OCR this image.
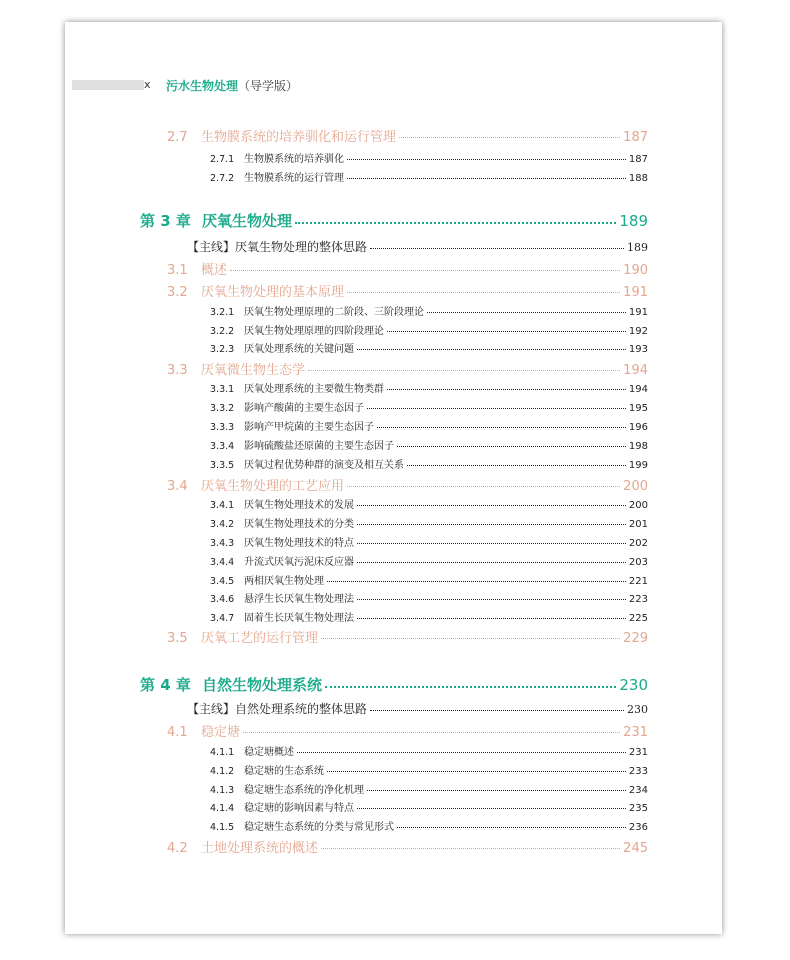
x 污水生物处理（导学版）
2.7	生物膜系统的培养驯化和运行管理	187
2.7.1 生物膜系统的培养驯化	187
2.7.2 生物膜系统的运行管理	188
第 3 章 厌氧生物处理	189
【主线】厌氧生物处理的整体思路	189
3.1	概述	190
3.2	厌氧生物处理的基本原理	191
3.2.1 厌氧生物处理原理的二阶段、三阶段理论	191
3.2.2 厌氧生物处理原理的四阶段理论	192
3.2.3 厌氧处理系统的关键问题	193
3.3	厌氧微生物生态学	194
3.3.1 厌氧处理系统的主要微生物类群	194
3.3.2 影响产酸菌的主要生态因子	195
3.3.3 影响产甲烷菌的主要生态因子	196
3.3.4 影响硫酸盐还原菌的主要生态因子	198
3.3.5 厌氧过程优势种群的演变及相互关系	199
3.4	厌氧生物处理的工艺应用	200
3.4.1 厌氧生物处理技术的发展	200
3.4.2 厌氧生物处理技术的分类	201
3.4.3 厌氧生物处理技术的特点	202
3.4.4 升流式厌氧污泥床反应器	203
3.4.5 两相厌氧生物处理	221
3.4.6 悬浮生长厌氧生物处理法	223
3.4.7 固着生长厌氧生物处理法	225
3.5	厌氧工艺的运行管理	229
第 4 章 自然生物处理系统	230
【主线】自然处理系统的整体思路	230
4.1	稳定塘	231
4.1.1 稳定塘概述	231
4.1.2 稳定塘的生态系统	233
4.1.3 稳定塘生态系统的净化机理	234
4.1.4 稳定塘的影响因素与特点	235
4.1.5 稳定塘生态系统的分类与常见形式	236
4.2	土地处理系统的概述	245
